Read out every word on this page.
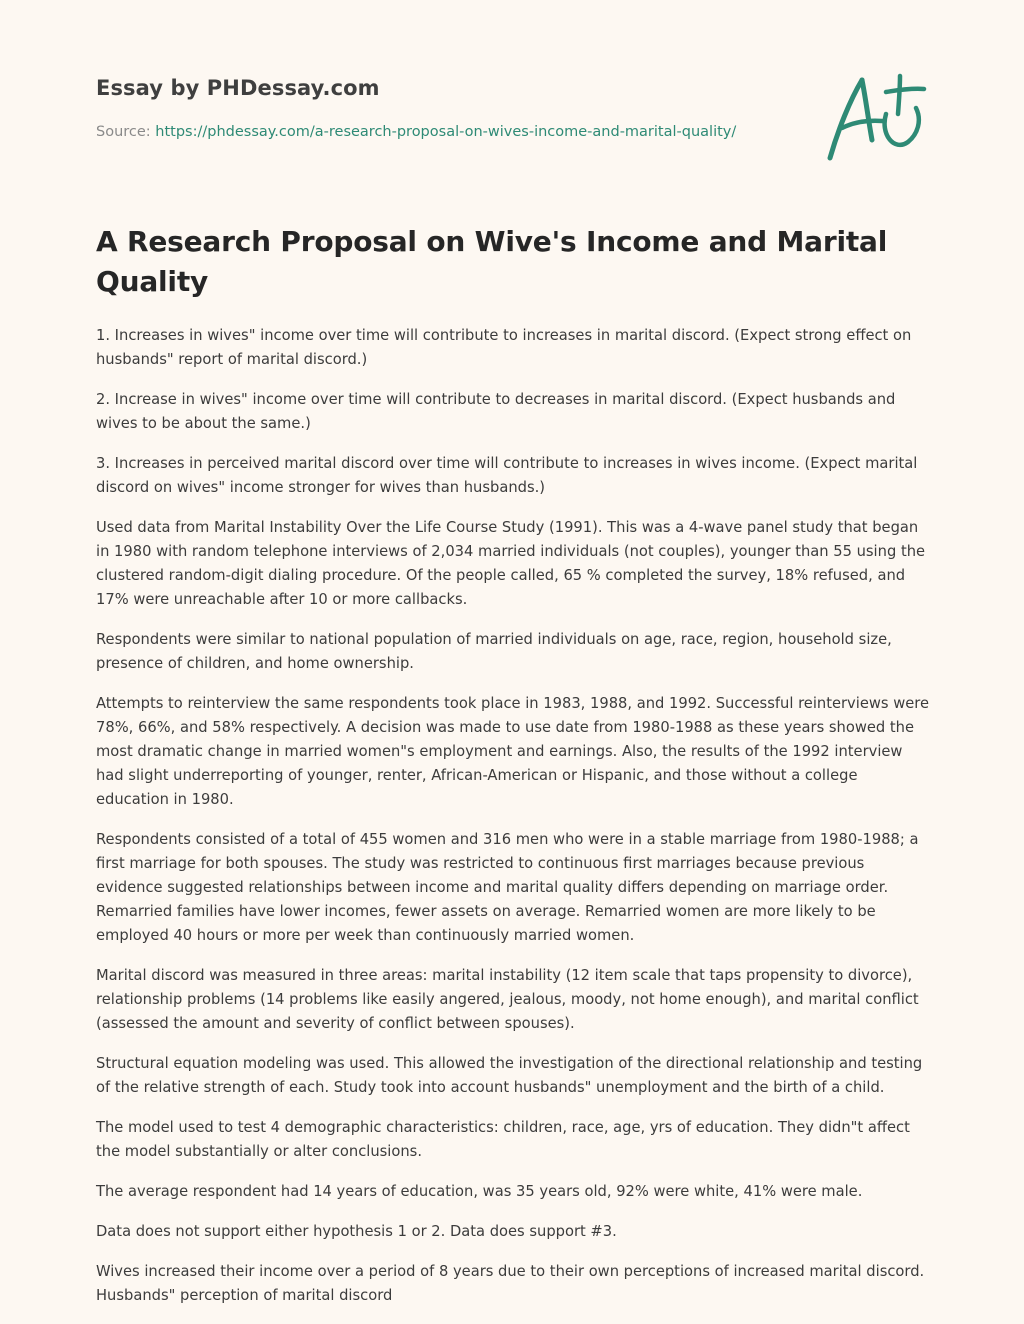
Essay by PHDessay.com
Source: https://phdessay.com/a-research-proposal-on-wives-income-and-marital-quality/
A Research Proposal on Wive's Income and Marital Quality

1. Increases in wives" income over time will contribute to increases in marital discord. (Expect strong effect on husbands" report of marital discord.)

2. Increase in wives" income over time will contribute to decreases in marital discord. (Expect husbands and wives to be about the same.)

3. Increases in perceived marital discord over time will contribute to increases in wives income. (Expect marital discord on wives" income stronger for wives than husbands.)

Used data from Marital Instability Over the Life Course Study (1991). This was a 4-wave panel study that began in 1980 with random telephone interviews of 2,034 married individuals (not couples), younger than 55 using the clustered random-digit dialing procedure. Of the people called, 65 % completed the survey, 18% refused, and 17% were unreachable after 10 or more callbacks.

Respondents were similar to national population of married individuals on age, race, region, household size, presence of children, and home ownership.

Attempts to reinterview the same respondents took place in 1983, 1988, and 1992. Successful reinterviews were 78%, 66%, and 58% respectively. A decision was made to use date from 1980-1988 as these years showed the most dramatic change in married women"s employment and earnings. Also, the results of the 1992 interview had slight underreporting of younger, renter, African-American or Hispanic, and those without a college education in 1980.

Respondents consisted of a total of 455 women and 316 men who were in a stable marriage from 1980-1988; a first marriage for both spouses. The study was restricted to continuous first marriages because previous evidence suggested relationships between income and marital quality differs depending on marriage order. Remarried families have lower incomes, fewer assets on average. Remarried women are more likely to be employed 40 hours or more per week than continuously married women.

Marital discord was measured in three areas: marital instability (12 item scale that taps propensity to divorce), relationship problems (14 problems like easily angered, jealous, moody, not home enough), and marital conflict (assessed the amount and severity of conflict between spouses).

Structural equation modeling was used. This allowed the investigation of the directional relationship and testing of the relative strength of each. Study took into account husbands" unemployment and the birth of a child.

The model used to test 4 demographic characteristics: children, race, age, yrs of education. They didn"t affect the model substantially or alter conclusions.

The average respondent had 14 years of education, was 35 years old, 92% were white, 41% were male.

Data does not support either hypothesis 1 or 2. Data does support #3.

Wives increased their income over a period of 8 years due to their own perceptions of increased marital discord. Husbands" perception of marital discord
